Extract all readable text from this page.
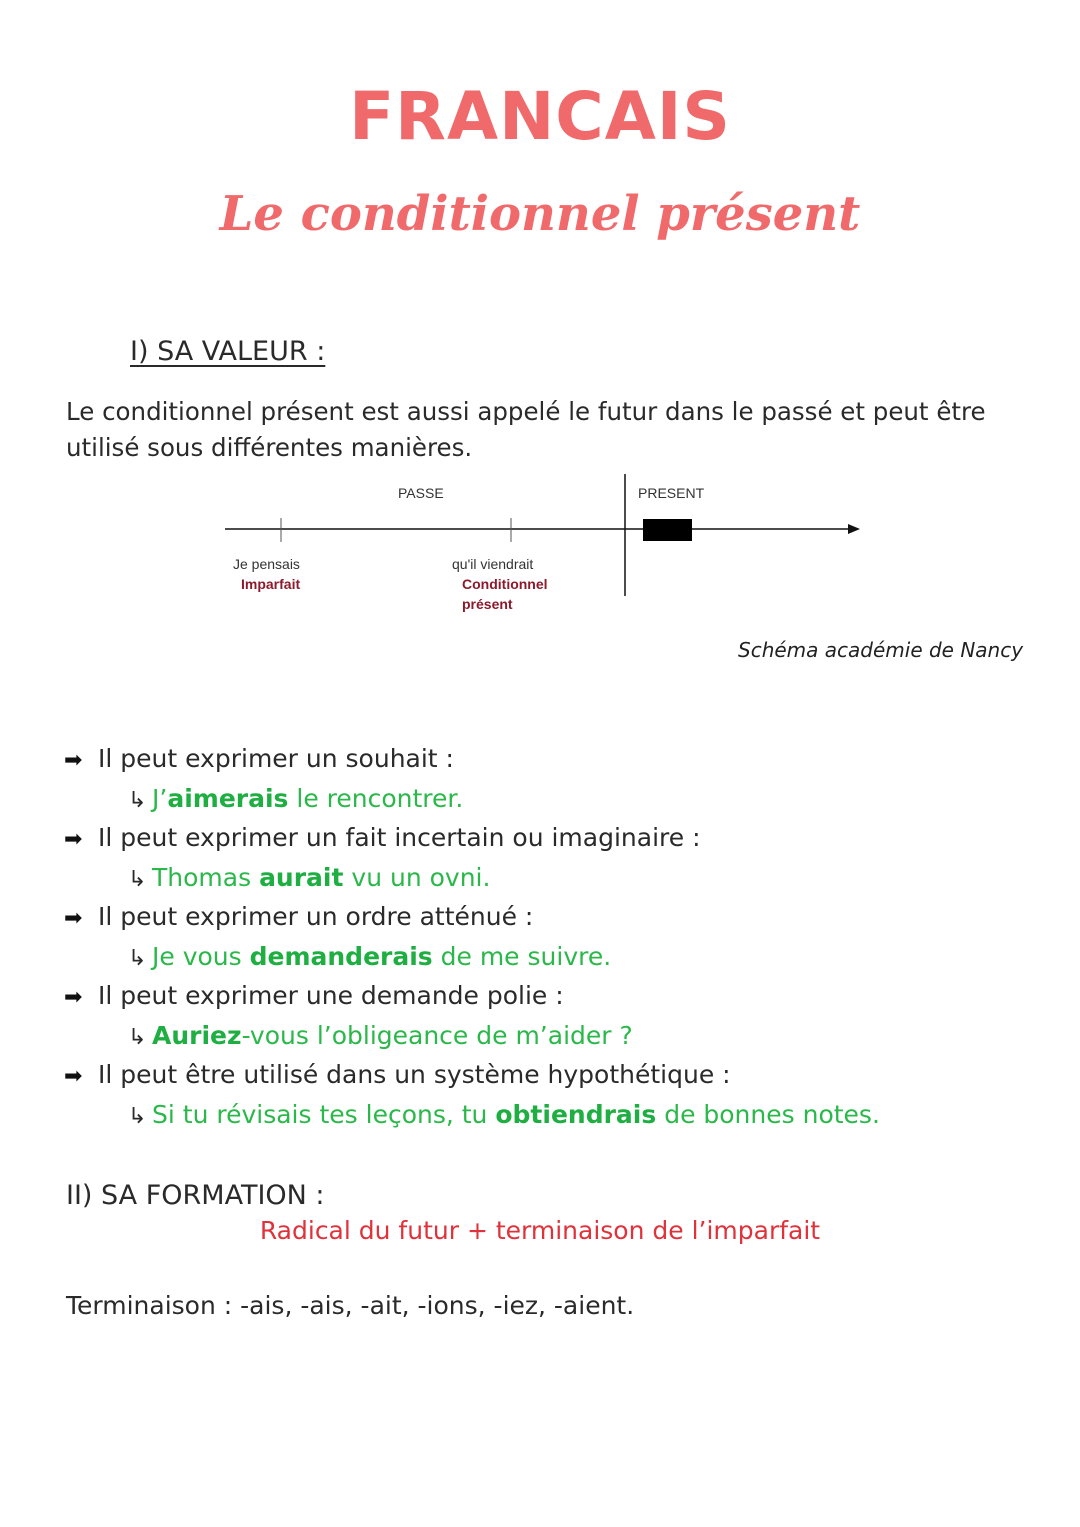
FRANCAIS
Le conditionnel présent
I) SA VALEUR :
Le conditionnel présent est aussi appelé le futur dans le passé et peut être utilisé sous différentes manières.
PASSE	PRESENT
Je pensais
Imparfait
qu'il viendrait
Conditionnel
présent
Schéma académie de Nancy
➡ Il peut exprimer un souhait :
↳ J’aimerais le rencontrer.
➡ Il peut exprimer un fait incertain ou imaginaire :
↳ Thomas aurait vu un ovni.
➡ Il peut exprimer un ordre atténué :
↳ Je vous demanderais de me suivre.
➡ Il peut exprimer une demande polie :
↳ Auriez-vous l’obligeance de m’aider ?
➡ Il peut être utilisé dans un système hypothétique :
↳ Si tu révisais tes leçons, tu obtiendrais de bonnes notes.
II) SA FORMATION :
Radical du futur + terminaison de l’imparfait
Terminaison : -ais, -ais, -ait, -ions, -iez, -aient.
